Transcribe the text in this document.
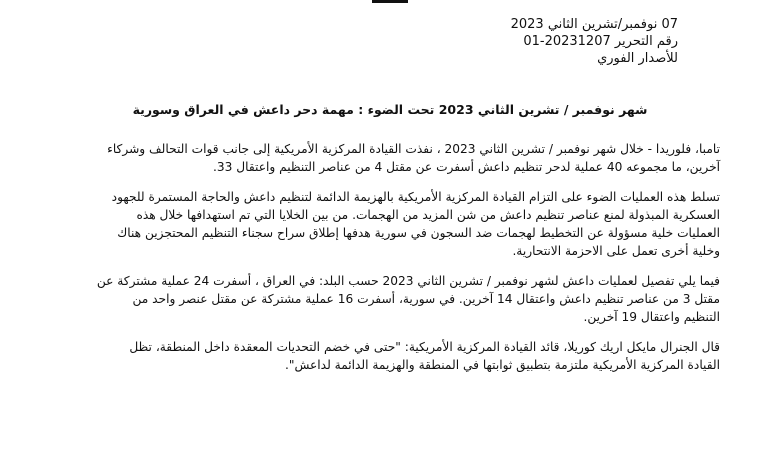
07 نوفمبر/تشرين الثاني 2023
رقم التحرير 20231207-01
للأصدار الفوري
شهر نوفمبر / تشرين الثاني 2023 تحت الضوء : مهمة دحر داعش في العراق وسورية

تامبا، فلوريدا - خلال شهر نوفمبر / تشرين الثاني 2023 ، نفذت القيادة المركزية الأمريكية إلى جانب قوات التحالف وشركاء
آخرين، ما مجموعه 40 عملية لدحر تنظيم داعش أسفرت عن مقتل 4 من عناصر التنظيم واعتقال 33.

تسلط هذه العمليات الضوء على التزام القيادة المركزية الأمريكية بالهزيمة الدائمة لتنظيم داعش والحاجة المستمرة للجهود
العسكرية المبذولة لمنع عناصر تنظيم داعش من شن المزيد من الهجمات. من بين الخلايا التي تم استهدافها خلال هذه
العمليات خلية مسؤولة عن التخطيط لهجمات ضد السجون في سورية هدفها إطلاق سراح سجناء التنظيم المحتجزين هناك
وخلية أخرى تعمل على الاحزمة الانتحارية.

فيما يلي تفصيل لعمليات داعش لشهر نوفمبر / تشرين الثاني 2023 حسب البلد: في العراق ، أسفرت 24 عملية مشتركة عن
مقتل 3 من عناصر تنظيم داعش واعتقال 14 آخرين. في سورية، أسفرت 16 عملية مشتركة عن مقتل عنصر واحد من
التنظيم واعتقال 19 آخرين.

قال الجنرال مايكل اريك كوريلا، قائد القيادة المركزية الأمريكية: "حتى في خضم التحديات المعقدة داخل المنطقة، تظل
القيادة المركزية الأمريكية ملتزمة بتطبيق ثوابتها في المنطقة والهزيمة الدائمة لداعش".
